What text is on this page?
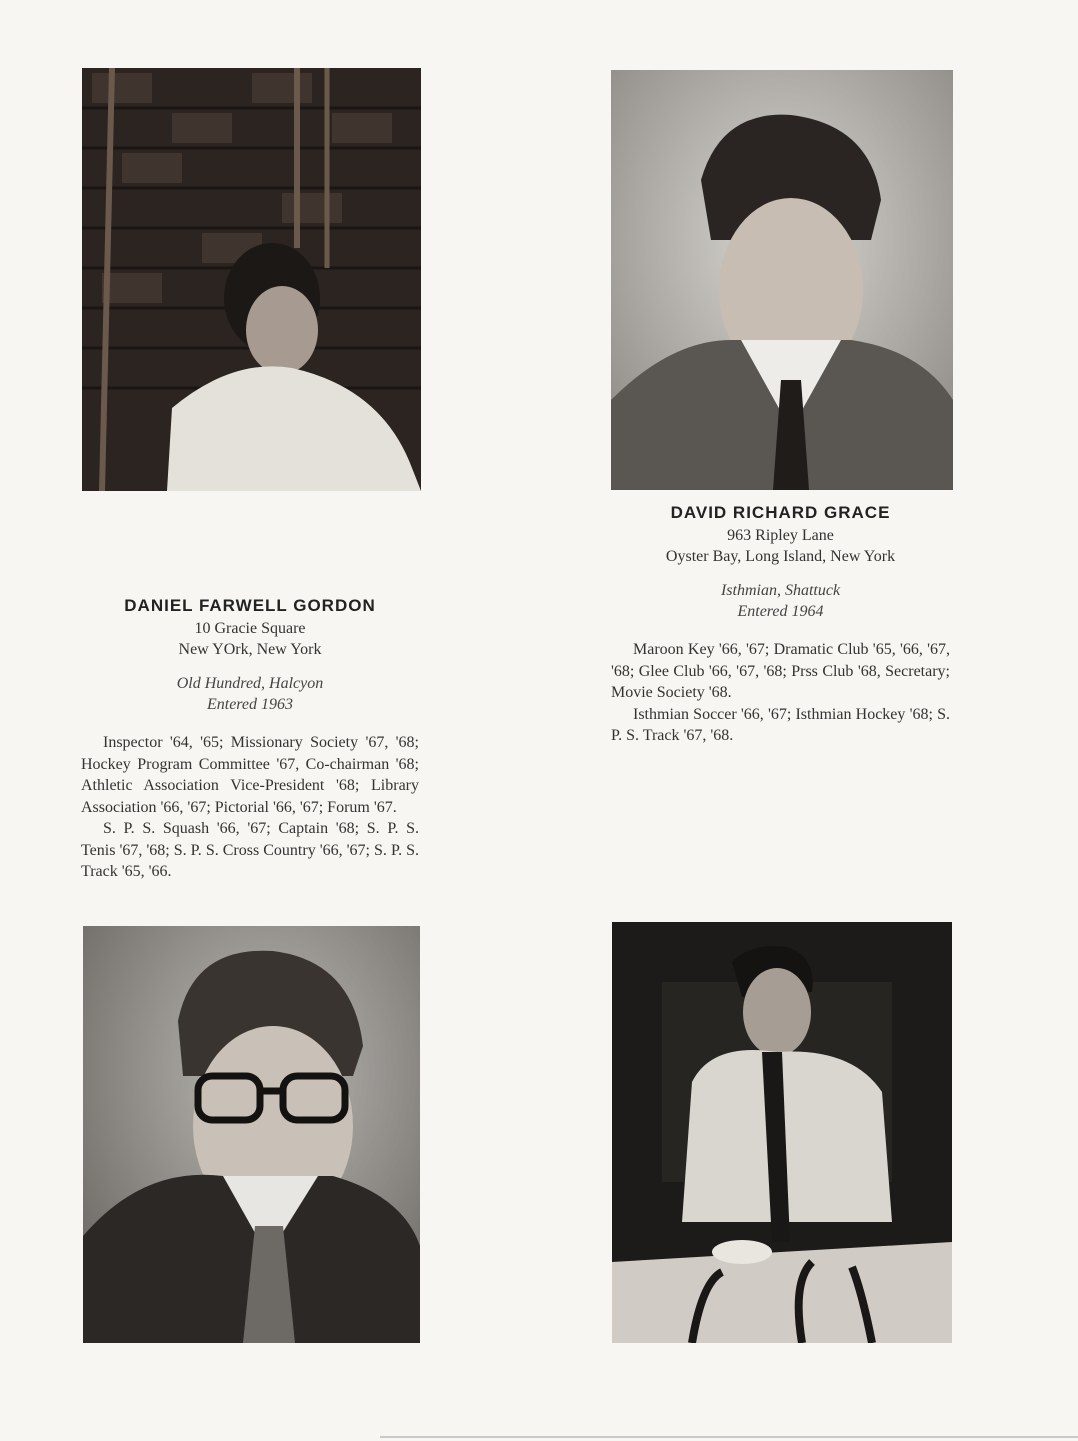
DANIEL FARWELL GORDON
10 Gracie Square
New YOrk, New York
Old Hundred, Halcyon
Entered 1963

Inspector '64, '65; Missionary Society '67, '68; Hockey Program Committee '67, Co-chairman '68; Athletic Association Vice-President '68; Library Association '66, '67; Pictorial '66, '67; Forum '67.

S. P. S. Squash '66, '67; Captain '68; S. P. S. Tenis '67, '68; S. P. S. Cross Country '66, '67; S. P. S. Track '65, '66.

DAVID RICHARD GRACE
963 Ripley Lane
Oyster Bay, Long Island, New York
Isthmian, Shattuck
Entered 1964

Maroon Key '66, '67; Dramatic Club '65, '66, '67, '68; Glee Club '66, '67, '68; Prss Club '68, Secretary; Movie Society '68.

Isthmian Soccer '66, '67; Isthmian Hockey '68; S. P. S. Track '67, '68.
